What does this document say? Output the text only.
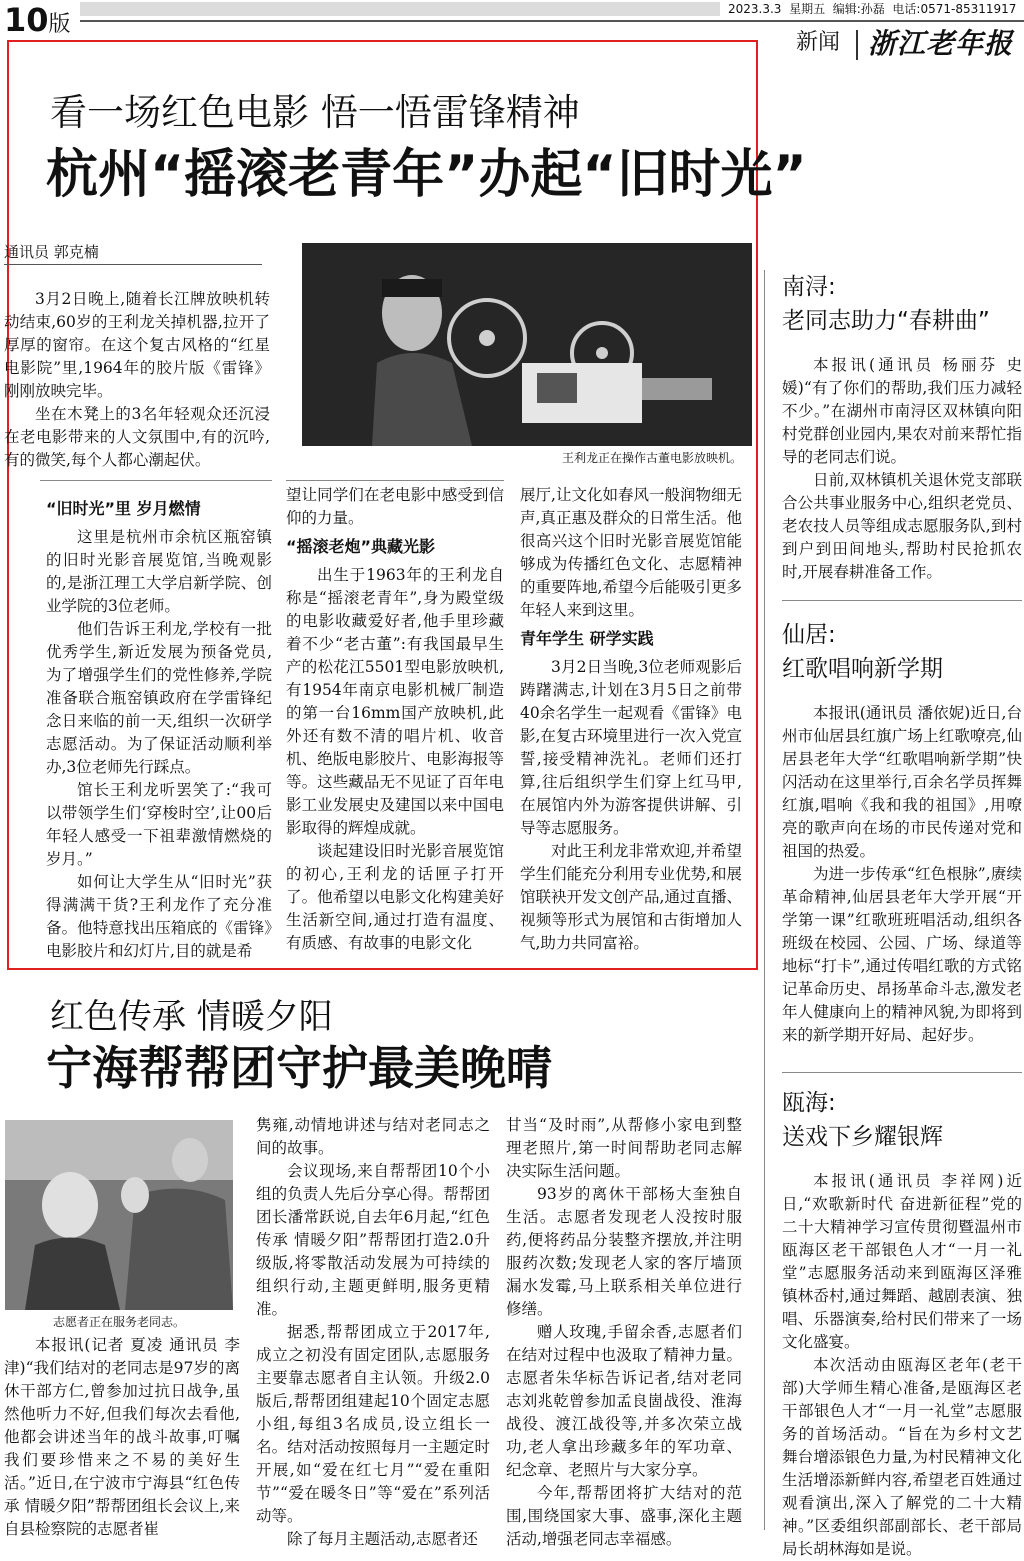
10版
2023.3.3 星期五 编辑:孙磊 电话:0571-85311917
新闻 浙江老年报
看一场红色电影 悟一悟雷锋精神
杭州“摇滚老青年”办起“旧时光”
通讯员 郭克楠

3月2日晚上,随着长江牌放映机转动结束,60岁的王利龙关掉机器,拉开了厚厚的窗帘。在这个复古风格的“红星电影院”里,1964年的胶片版《雷锋》刚刚放映完毕。

坐在木凳上的3名年轻观众还沉浸在老电影带来的人文氛围中,有的沉吟,有的微笑,每个人都心潮起伏。	王利龙正在操作古董电影放映机。
“旧时光”里 岁月燃情

这里是杭州市余杭区瓶窑镇的旧时光影音展览馆,当晚观影的,是浙江理工大学启新学院、创业学院的3位老师。

他们告诉王利龙,学校有一批优秀学生,新近发展为预备党员,为了增强学生们的党性修养,学院准备联合瓶窑镇政府在学雷锋纪念日来临的前一天,组织一次研学志愿活动。为了保证活动顺利举办,3位老师先行踩点。

馆长王利龙听罢笑了:“我可以带领学生们‘穿梭时空’,让00后年轻人感受一下祖辈激情燃烧的岁月。”

如何让大学生从“旧时光”获得满满干货?王利龙作了充分准备。他特意找出压箱底的《雷锋》电影胶片和幻灯片,目的就是希

望让同学们在老电影中感受到信仰的力量。
“摇滚老炮”典藏光影

出生于1963年的王利龙自称是“摇滚老青年”,身为殿堂级的电影收藏爱好者,他手里珍藏着不少“老古董”:有我国最早生产的松花江5501型电影放映机,有1954年南京电影机械厂制造的第一台16mm国产放映机,此外还有数不清的唱片机、收音机、绝版电影胶片、电影海报等等。这些藏品无不见证了百年电影工业发展史及建国以来中国电影取得的辉煌成就。

谈起建设旧时光影音展览馆的初心,王利龙的话匣子打开了。他希望以电影文化构建美好生活新空间,通过打造有温度、有质感、有故事的电影文化

展厅,让文化如春风一般润物细无声,真正惠及群众的日常生活。他很高兴这个旧时光影音展览馆能够成为传播红色文化、志愿精神的重要阵地,希望今后能吸引更多年轻人来到这里。
青年学生 研学实践

3月2日当晚,3位老师观影后踌躇满志,计划在3月5日之前带40余名学生一起观看《雷锋》电影,在复古环境里进行一次入党宣誓,接受精神洗礼。老师们还打算,往后组织学生们穿上红马甲,在展馆内外为游客提供讲解、引导等志愿服务。

对此王利龙非常欢迎,并希望学生们能充分利用专业优势,和展馆联袂开发文创产品,通过直播、视频等形式为展馆和古街增加人气,助力共同富裕。

红色传承 情暖夕阳
宁海帮帮团守护最美晚晴
志愿者正在服务老同志。

本报讯(记者 夏凌 通讯员 李津)“我们结对的老同志是97岁的离休干部方仁,曾参加过抗日战争,虽然他听力不好,但我们每次去看他,他都会讲述当年的战斗故事,叮嘱我们要珍惜来之不易的美好生活。”近日,在宁波市宁海县“红色传承 情暖夕阳”帮帮团组长会议上,来自县检察院的志愿者崔

隽雍,动情地讲述与结对老同志之间的故事。

会议现场,来自帮帮团10个小组的负责人先后分享心得。帮帮团团长潘常跃说,自去年6月起,“红色传承 情暖夕阳”帮帮团打造2.0升级版,将零散活动发展为可持续的组织行动,主题更鲜明,服务更精准。

据悉,帮帮团成立于2017年,成立之初没有固定团队,志愿服务主要靠志愿者自主认领。升级2.0版后,帮帮团组建起10个固定志愿小组,每组3名成员,设立组长一名。结对活动按照每月一主题定时开展,如“爱在红七月”“爱在重阳节”“爱在暖冬日”等“爱在”系列活动等。

除了每月主题活动,志愿者还

甘当“及时雨”,从帮修小家电到整理老照片,第一时间帮助老同志解决实际生活问题。

93岁的离休干部杨大奎独自生活。志愿者发现老人没按时服药,便将药品分装整齐摆放,并注明服药次数;发现老人家的客厅墙顶漏水发霉,马上联系相关单位进行修缮。

赠人玫瑰,手留余香,志愿者们在结对过程中也汲取了精神力量。志愿者朱华标告诉记者,结对老同志刘兆乾曾参加孟良崮战役、淮海战役、渡江战役等,并多次荣立战功,老人拿出珍藏多年的军功章、纪念章、老照片与大家分享。

今年,帮帮团将扩大结对的范围,围绕国家大事、盛事,深化主题活动,增强老同志幸福感。

南浔:
老同志助力“春耕曲”

本报讯(通讯员 杨丽芬 史媛)“有了你们的帮助,我们压力减轻不少。”在湖州市南浔区双林镇向阳村党群创业园内,果农对前来帮忙指导的老同志们说。

日前,双林镇机关退休党支部联合公共事业服务中心,组织老党员、老农技人员等组成志愿服务队,到村到户到田间地头,帮助村民抢抓农时,开展春耕准备工作。

仙居:
红歌唱响新学期

本报讯(通讯员 潘依妮)近日,台州市仙居县红旗广场上红歌嘹亮,仙居县老年大学“红歌唱响新学期”快闪活动在这里举行,百余名学员挥舞红旗,唱响《我和我的祖国》,用嘹亮的歌声向在场的市民传递对党和祖国的热爱。

为进一步传承“红色根脉”,赓续革命精神,仙居县老年大学开展“开学第一课”红歌班班唱活动,组织各班级在校园、公园、广场、绿道等地标“打卡”,通过传唱红歌的方式铭记革命历史、昂扬革命斗志,激发老年人健康向上的精神风貌,为即将到来的新学期开好局、起好步。

瓯海:
送戏下乡耀银辉

本报讯(通讯员 李祥网)近日,“欢歌新时代 奋进新征程”党的二十大精神学习宣传贯彻暨温州市瓯海区老干部银色人才“一月一礼堂”志愿服务活动来到瓯海区泽雅镇林岙村,通过舞蹈、越剧表演、独唱、乐器演奏,给村民们带来了一场文化盛宴。

本次活动由瓯海区老年(老干部)大学师生精心准备,是瓯海区老干部银色人才“一月一礼堂”志愿服务的首场活动。“旨在为乡村文艺舞台增添银色力量,为村民精神文化生活增添新鲜内容,希望老百姓通过观看演出,深入了解党的二十大精神。”区委组织部副部长、老干部局局长胡林海如是说。
